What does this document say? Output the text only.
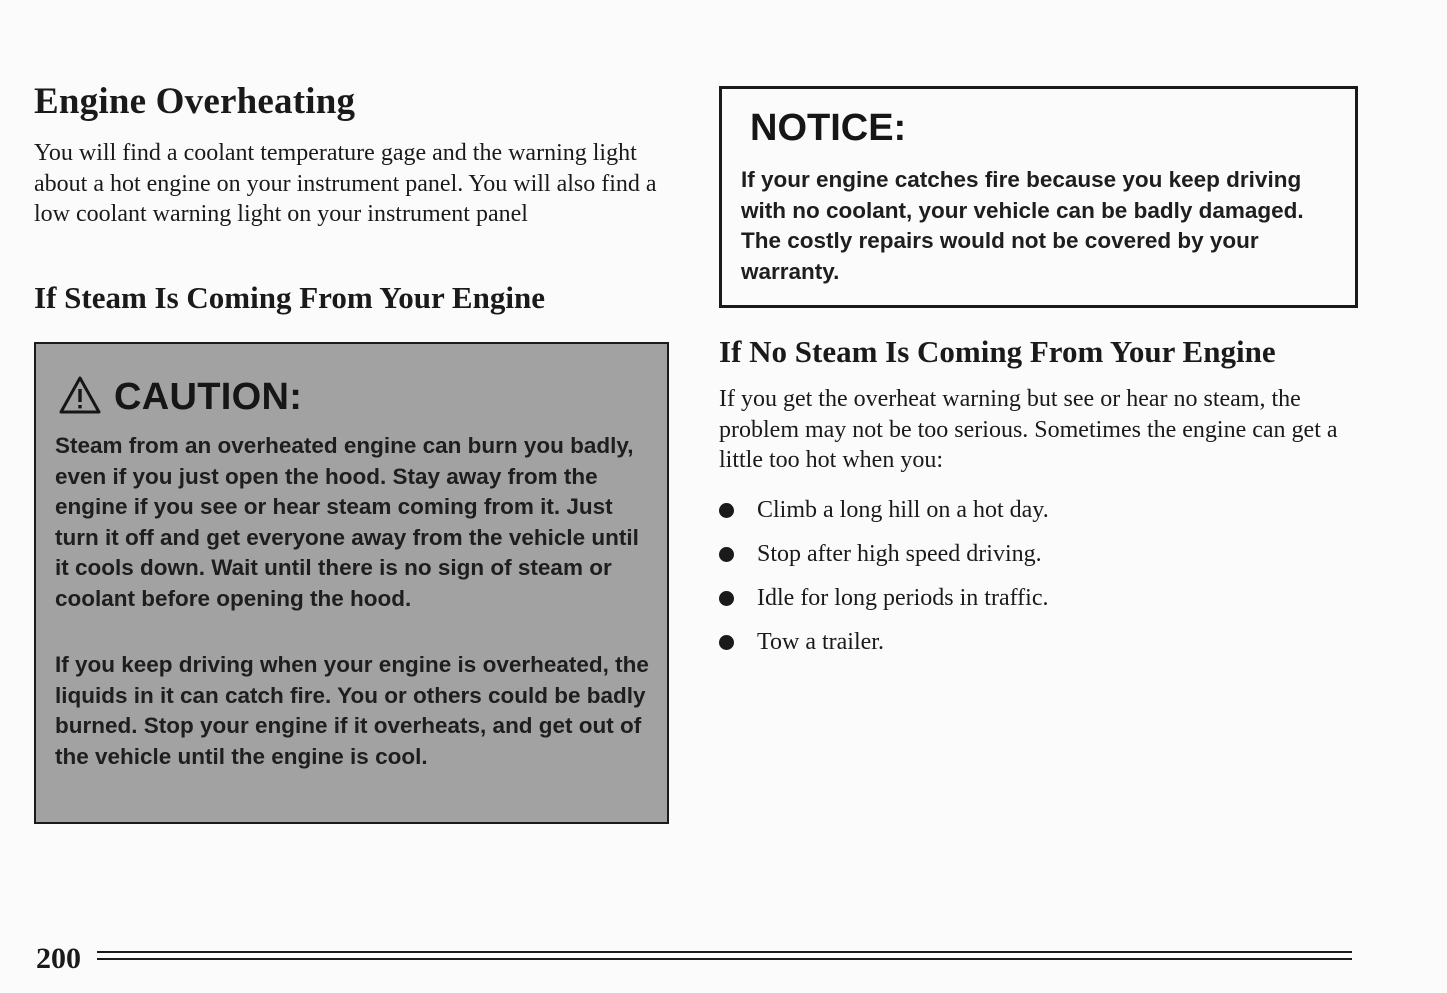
Engine Overheating
You will find a coolant temperature gage and the warning light about a hot engine on your instrument panel. You will also find a low coolant warning light on your instrument panel
If Steam Is Coming From Your Engine
CAUTION:

Steam from an overheated engine can burn you badly, even if you just open the hood. Stay away from the engine if you see or hear steam coming from it. Just turn it off and get everyone away from the vehicle until it cools down. Wait until there is no sign of steam or coolant before opening the hood.

If you keep driving when your engine is overheated, the liquids in it can catch fire. You or others could be badly burned. Stop your engine if it overheats, and get out of the vehicle until the engine is cool.

NOTICE:

If your engine catches fire because you keep driving with no coolant, your vehicle can be badly damaged. The costly repairs would not be covered by your warranty.

If No Steam Is Coming From Your Engine
If you get the overheat warning but see or hear no steam, the problem may not be too serious. Sometimes the engine can get a little too hot when you:
Climb a long hill on a hot day.
Stop after high speed driving.
Idle for long periods in traffic.
Tow a trailer.
200
